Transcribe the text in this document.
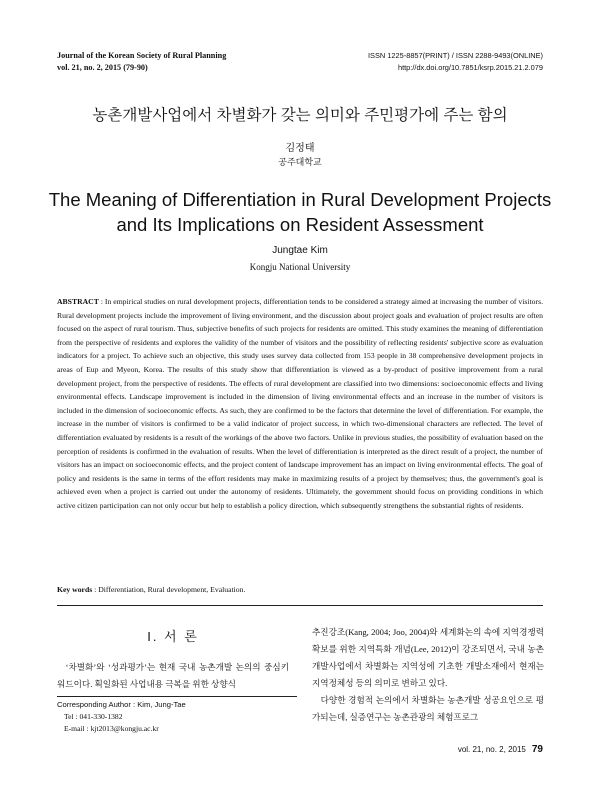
Journal of the Korean Society of Rural Planning
vol. 21, no. 2, 2015 (79-90)
ISSN 1225-8857(PRINT) / ISSN 2288-9493(ONLINE)
http://dx.doi.org/10.7851/ksrp.2015.21.2.079
농촌개발사업에서 차별화가 갖는 의미와 주민평가에 주는 함의
김정태
공주대학교
The Meaning of Differentiation in Rural Development Projects and Its Implications on Resident Assessment
Jungtae Kim
Kongju National University
ABSTRACT : In empirical studies on rural development projects, differentiation tends to be considered a strategy aimed at increasing the number of visitors. Rural development projects include the improvement of living environment, and the discussion about project goals and evaluation of project results are often focused on the aspect of rural tourism. Thus, subjective benefits of such projects for residents are omitted. This study examines the meaning of differentiation from the perspective of residents and explores the validity of the number of visitors and the possibility of reflecting residents' subjective score as evaluation indicators for a project. To achieve such an objective, this study uses survey data collected from 153 people in 38 comprehensive development projects in areas of Eup and Myeon, Korea. The results of this study show that differentiation is viewed as a by-product of positive improvement from a rural development project, from the perspective of residents. The effects of rural development are classified into two dimensions: socioeconomic effects and living environmental effects. Landscape improvement is included in the dimension of living environmental effects and an increase in the number of visitors is included in the dimension of socioeconomic effects. As such, they are confirmed to be the factors that determine the level of differentiation. For example, the increase in the number of visitors is confirmed to be a valid indicator of project success, in which two-dimensional characters are reflected. The level of differentiation evaluated by residents is a result of the workings of the above two factors. Unlike in previous studies, the possibility of evaluation based on the perception of residents is confirmed in the evaluation of results. When the level of differentiation is interpreted as the direct result of a project, the number of visitors has an impact on socioeconomic effects, and the project content of landscape improvement has an impact on living environmental effects. The goal of policy and residents is the same in terms of the effort residents may make in maximizing results of a project by themselves; thus, the government's goal is achieved even when a project is carried out under the autonomy of residents. Ultimately, the government should focus on providing conditions in which active citizen participation can not only occur but help to establish a policy direction, which subsequently strengthens the substantial rights of residents.
Key words : Differentiation, Rural development, Evaluation.
I. 서 론

‘차별화’와 ‘성과평가’는 현재 국내 농촌개발 논의의 중심키워드이다. 획일화된 사업내용 극복을 위한 상향식

추진강조(Kang, 2004; Joo, 2004)와 세계화논의 속에 지역경쟁력 확보를 위한 지역특화 개념(Lee, 2012)이 강조되면서, 국내 농촌개발사업에서 차별화는 지역성에 기초한 개발소재에서 현재는 지역정체성 등의 의미로 변하고 있다.

다양한 경험적 논의에서 차별화는 농촌개발 성공요인으로 평가되는데, 실증연구는 농촌관광의 체험프로그

Corresponding Author : Kim, Jung-Tae
Tel : 041-330-1382
E-mail : kjt2013@kongju.ac.kr
vol. 21, no. 2, 2015 79
